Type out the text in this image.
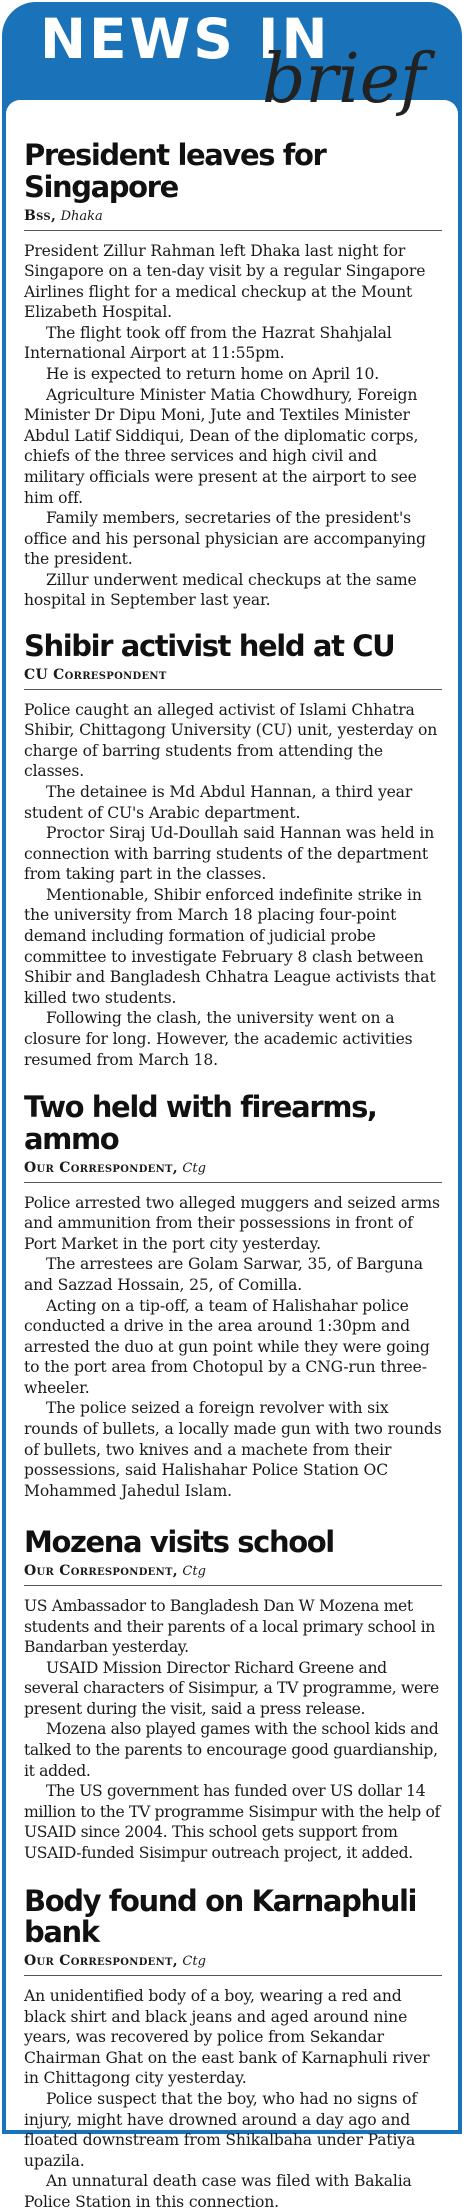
NEWS IN
brief
President leaves for Singapore
Bss, Dhaka

President Zillur Rahman left Dhaka last night for Singapore on a ten-day visit by a regular Singapore Airlines flight for a medical checkup at the Mount Elizabeth Hospital.

The flight took off from the Hazrat Shahjalal International Airport at 11:55pm.

He is expected to return home on April 10.

Agriculture Minister Matia Chowdhury, Foreign Minister Dr Dipu Moni, Jute and Textiles Minister Abdul Latif Siddiqui, Dean of the diplomatic corps, chiefs of the three services and high civil and military officials were present at the airport to see him off.

Family members, secretaries of the president's office and his personal physician are accompanying the president.

Zillur underwent medical checkups at the same hospital in September last year.

Shibir activist held at CU
CU Correspondent

Police caught an alleged activist of Islami Chhatra Shibir, Chittagong University (CU) unit, yesterday on charge of barring students from attending the classes.

The detainee is Md Abdul Hannan, a third year student of CU's Arabic department.

Proctor Siraj Ud-Doullah said Hannan was held in connection with barring students of the department from taking part in the classes.

Mentionable, Shibir enforced indefinite strike in the university from March 18 placing four-point demand including formation of judicial probe committee to investigate February 8 clash between Shibir and Bangladesh Chhatra League activists that killed two students.

Following the clash, the university went on a closure for long. However, the academic activities resumed from March 18.

Two held with firearms, ammo
Our Correspondent, Ctg

Police arrested two alleged muggers and seized arms and ammunition from their possessions in front of Port Market in the port city yesterday.

The arrestees are Golam Sarwar, 35, of Barguna and Sazzad Hossain, 25, of Comilla.

Acting on a tip-off, a team of Halishahar police conducted a drive in the area around 1:30pm and arrested the duo at gun point while they were going to the port area from Chotopul by a CNG-run three-wheeler.

The police seized a foreign revolver with six rounds of bullets, a locally made gun with two rounds of bullets, two knives and a machete from their possessions, said Halishahar Police Station OC Mohammed Jahedul Islam.

Mozena visits school
Our Correspondent, Ctg

US Ambassador to Bangladesh Dan W Mozena met students and their parents of a local primary school in Bandarban yesterday.

USAID Mission Director Richard Greene and several characters of Sisimpur, a TV programme, were present during the visit, said a press release.

Mozena also played games with the school kids and talked to the parents to encourage good guardianship, it added.

The US government has funded over US dollar 14 million to the TV programme Sisimpur with the help of USAID since 2004. This school gets support from USAID-funded Sisimpur outreach project, it added.

Body found on Karnaphuli bank
Our Correspondent, Ctg

An unidentified body of a boy, wearing a red and black shirt and black jeans and aged around nine years, was recovered by police from Sekandar Chairman Ghat on the east bank of Karnaphuli river in Chittagong city yesterday.

Police suspect that the boy, who had no signs of injury, might have drowned around a day ago and floated downstream from Shikalbaha under Patiya upazila.

An unnatural death case was filed with Bakalia Police Station in this connection.
